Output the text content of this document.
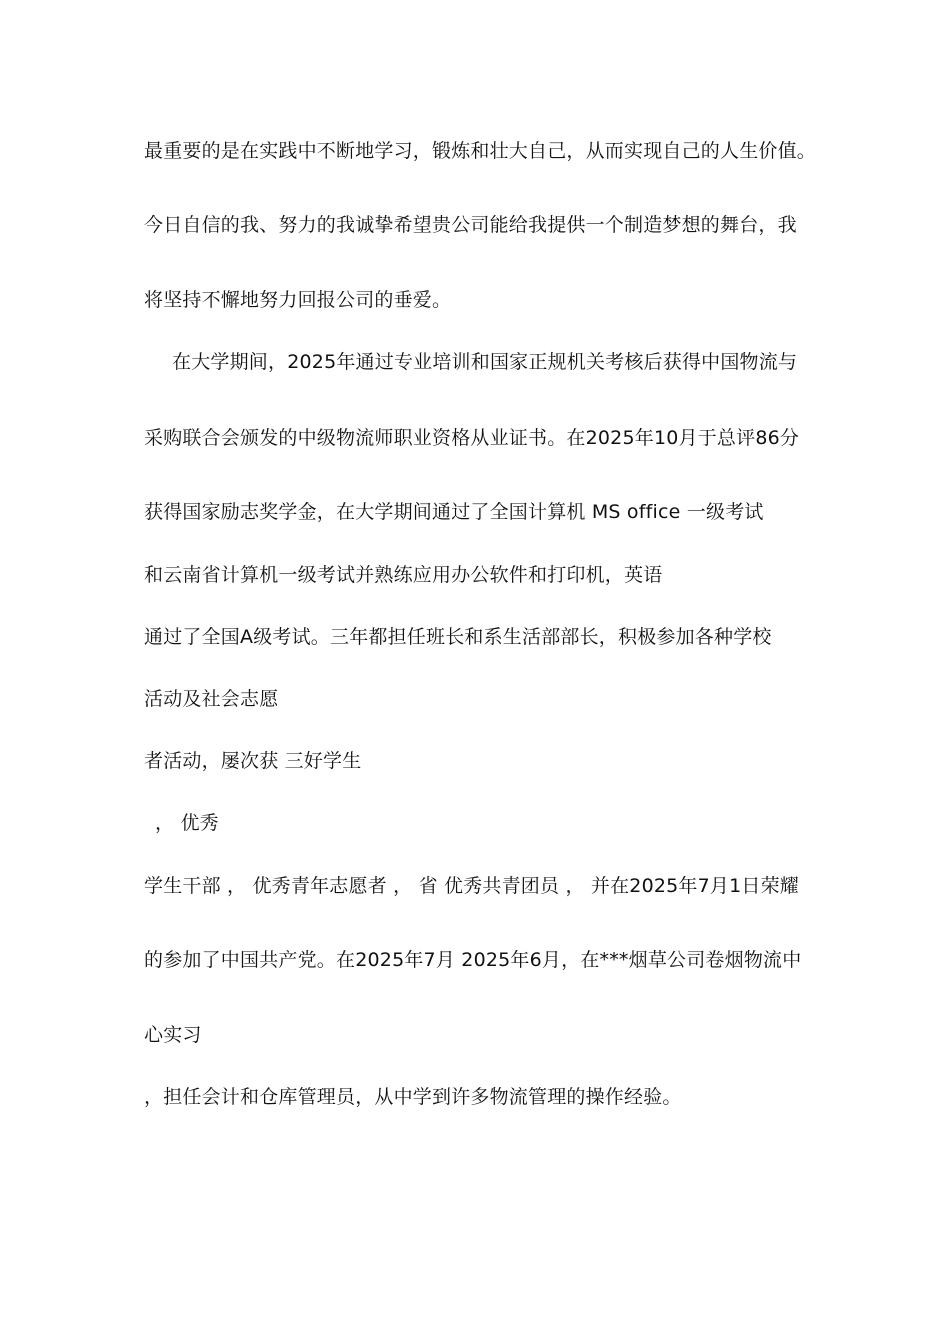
最重要的是在实践中不断地学习，锻炼和壮大自己，从而实现自己的人生价值。
今日自信的我、努力的我诚挚希望贵公司能给我提供一个制造梦想的舞台，我
将坚持不懈地努力回报公司的垂爱。
在大学期间，2025年通过专业培训和国家正规机关考核后获得中国物流与
采购联合会颁发的中级物流师职业资格从业证书。在2025年10月于总评86分
获得国家励志奖学金，在大学期间通过了全国计算机 MS office 一级考试
和云南省计算机一级考试并熟练应用办公软件和打印机，英语
通过了全国A级考试。三年都担任班长和系生活部部长，积极参加各种学校
活动及社会志愿
者活动，屡次获 三好学生
， 优秀
学生干部 ， 优秀青年志愿者 ， 省 优秀共青团员 ， 并在2025年7月1日荣耀
的参加了中国共产党。在2025年7月 2025年6月，在***烟草公司卷烟物流中
心实习
，担任会计和仓库管理员，从中学到许多物流管理的操作经验。
